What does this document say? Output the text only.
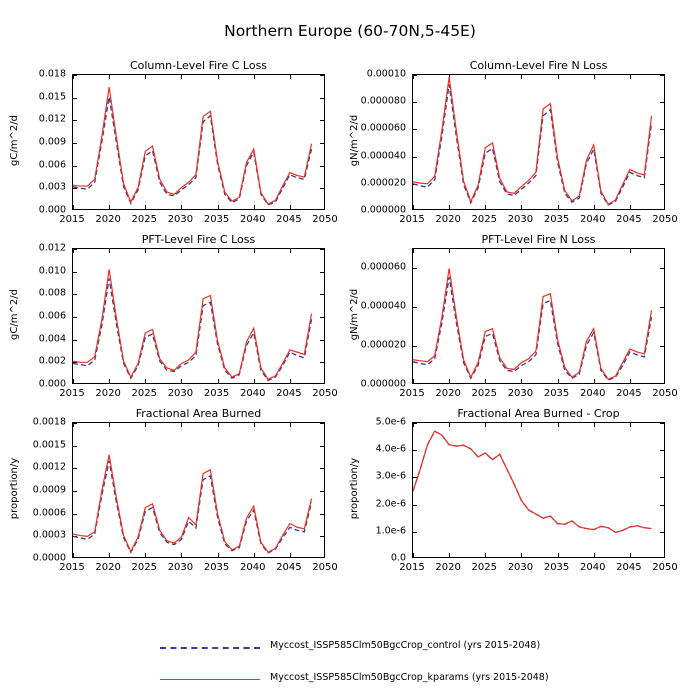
Northern Europe (60-70N,5-45E)
Column-Level Fire C Loss
0.000
0.003
0.006
0.009
0.012
0.015
0.018
2015 2020 2025 2030 2035 2040 2045 2050
gC/m^2/d
Column-Level Fire N Loss
0.000000
0.000020
0.000040
0.000060
0.000080
0.00010
2015 2020 2025 2030 2035 2040 2045 2050
gN/m^2/d
PFT-Level Fire C Loss
0.000
0.002
0.004
0.006
0.008
0.010
0.012
2015 2020 2025 2030 2035 2040 2045 2050
gC/m^2/d
PFT-Level Fire N Loss
0.000000
0.000020
0.000040
0.000060
2015 2020 2025 2030 2035 2040 2045 2050
gN/m^2/d
Fractional Area Burned
0.0000
0.0003
0.0006
0.0009
0.0012
0.0015
0.0018
2015 2020 2025 2030 2035 2040 2045 2050
proportion/y
Fractional Area Burned - Crop
0.0
1.0e-6
2.0e-6
3.0e-6
4.0e-6
5.0e-6
2015 2020 2025 2030 2035 2040 2045 2050
proportion/y
Myccost_ISSP585Clm50BgcCrop_control (yrs 2015-2048)
Myccost_ISSP585Clm50BgcCrop_kparams (yrs 2015-2048)
